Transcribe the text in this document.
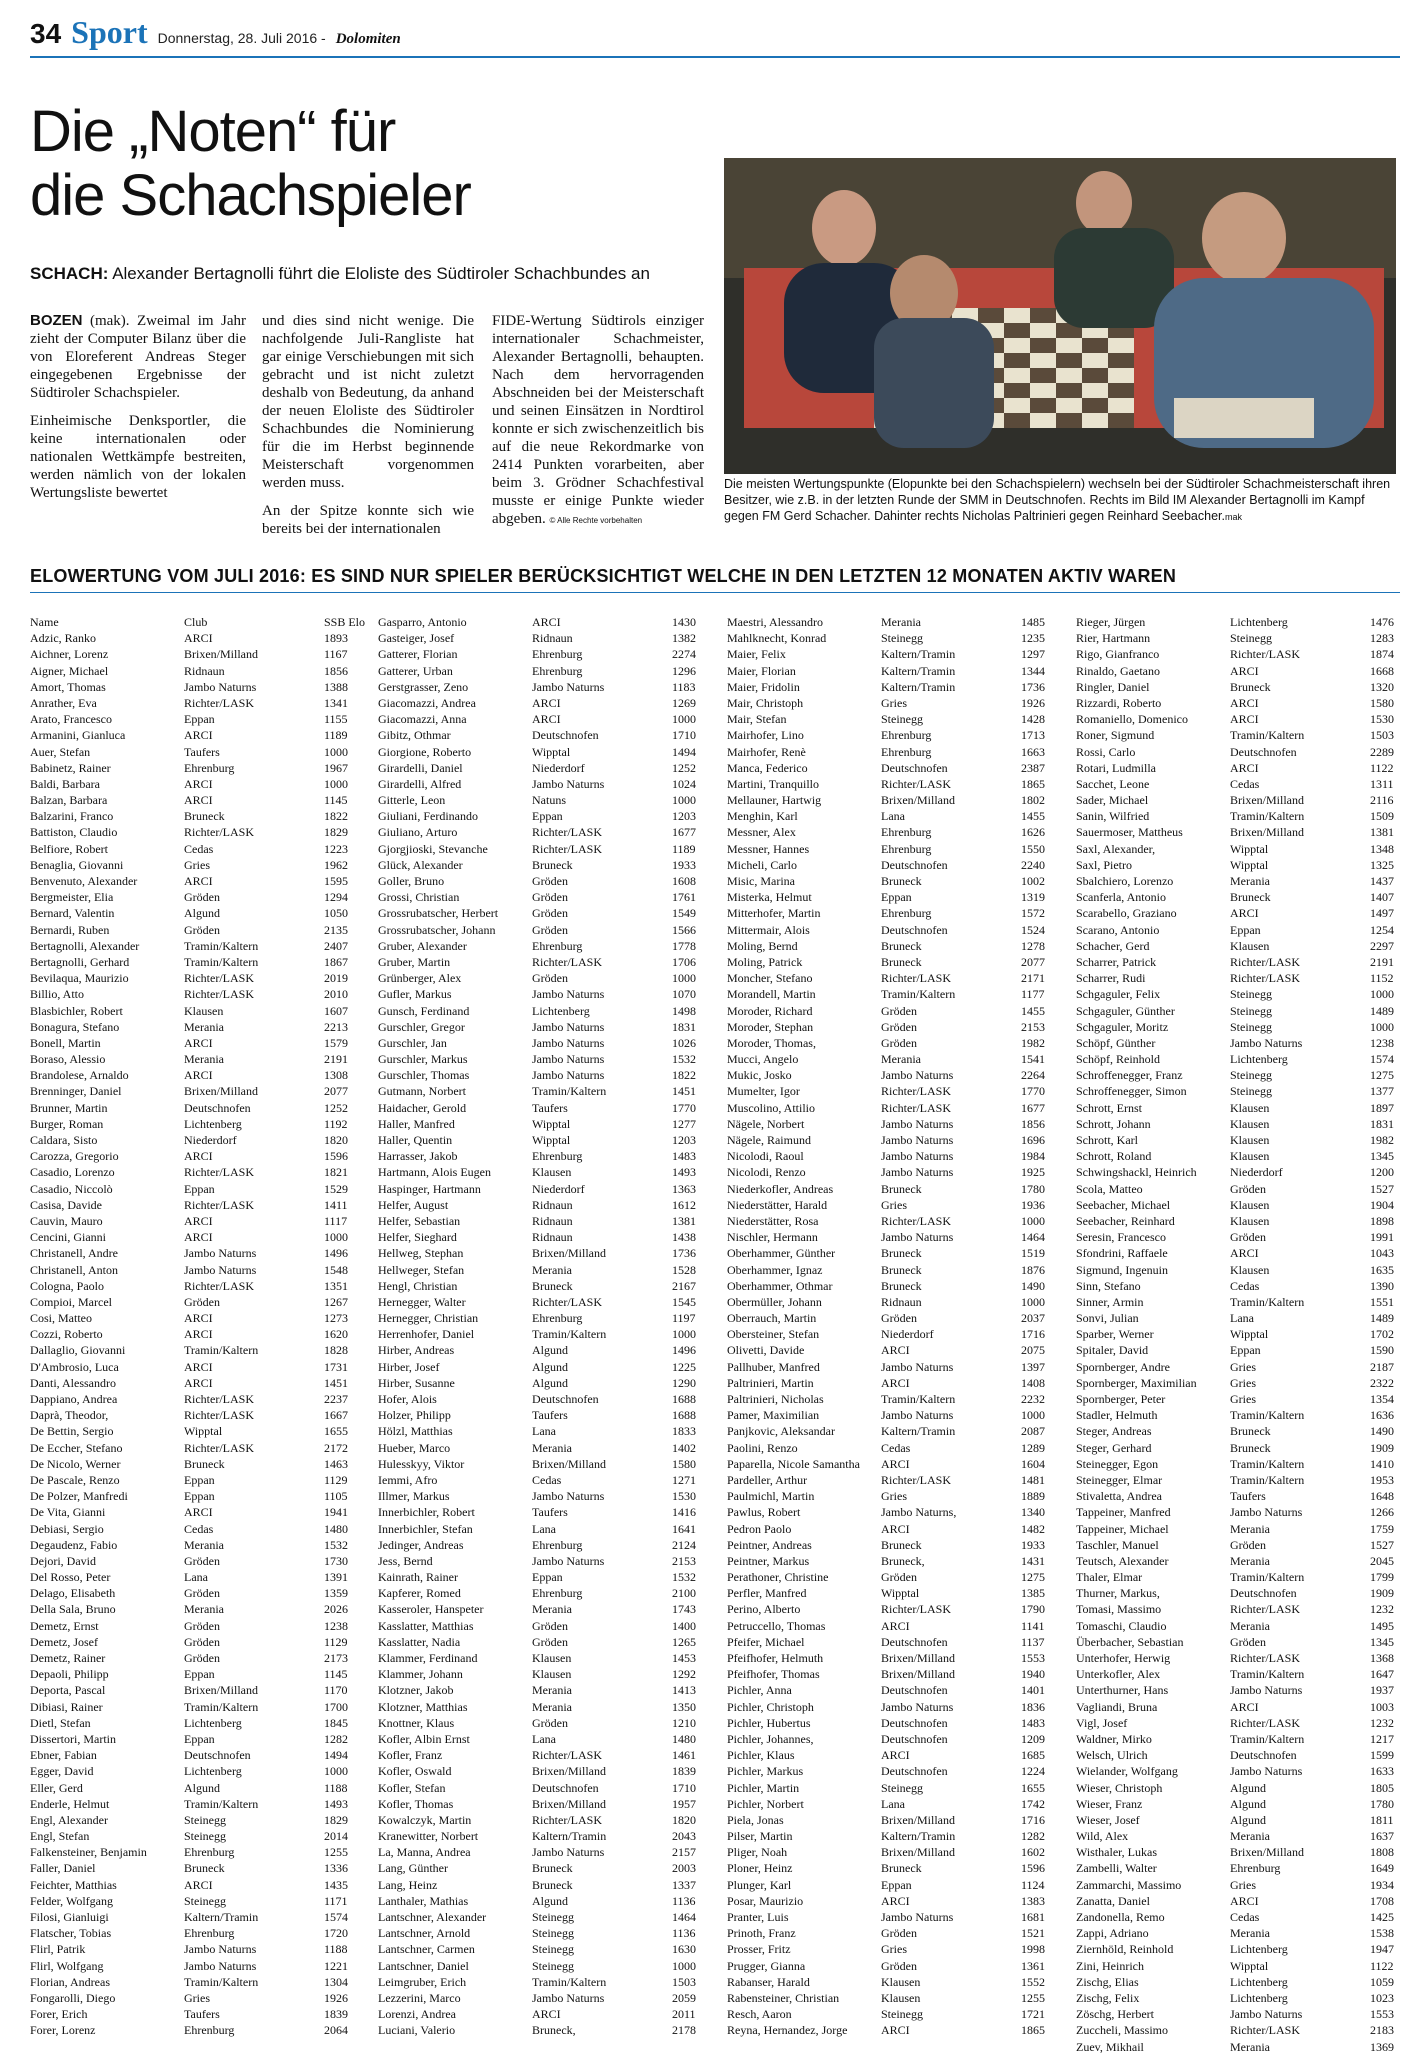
34 Sport Donnerstag, 28. Juli 2016 - Dolomiten
Die „Noten“ für
die Schachspieler

SCHACH: Alexander Bertagnolli führt die Eloliste des Südtiroler Schachbundes an

BOZEN (mak). Zweimal im Jahr zieht der Computer Bilanz über die von Eloreferent Andreas Steger eingegebenen Ergebnisse der Südtiroler Schachspieler.

Einheimische Denksportler, die keine internationalen oder nationalen Wettkämpfe bestreiten, werden nämlich von der lokalen Wertungsliste bewertet

und dies sind nicht wenige. Die nachfolgende Juli-Rangliste hat gar einige Verschiebungen mit sich gebracht und ist nicht zuletzt deshalb von Bedeutung, da anhand der neuen Eloliste des Südtiroler Schachbundes die Nominierung für die im Herbst beginnende Meisterschaft vorgenommen werden muss.

An der Spitze konnte sich wie bereits bei der internationalen

FIDE-Wertung Südtirols einziger internationaler Schachmeister, Alexander Bertagnolli, behaupten. Nach dem hervorragenden Abschneiden bei der Meisterschaft und seinen Einsätzen in Nordtirol konnte er sich zwischenzeitlich bis auf die neue Rekordmarke von 2414 Punkten vorarbeiten, aber beim 3. Grödner Schachfestival musste er einige Punkte wieder abgeben. © Alle Rechte vorbehalten

Die meisten Wertungspunkte (Elopunkte bei den Schachspielern) wechseln bei der Südtiroler Schachmeisterschaft ihren Besitzer, wie z.B. in der letzten Runde der SMM in Deutschnofen. Rechts im Bild IM Alexander Bertagnolli im Kampf gegen FM Gerd Schacher. Dahinter rechts Nicholas Paltrinieri gegen Reinhard Seebacher.mak
ELOWERTUNG VOM JULI 2016: ES SIND NUR SPIELER BERÜCKSICHTIGT WELCHE IN DEN LETZTEN 12 MONATEN AKTIV WAREN
Name	Club	SSB Elo
Adzic, Ranko	ARCI	1893
Aichner, Lorenz	Brixen/Milland	1167
Aigner, Michael	Ridnaun	1856
Amort, Thomas	Jambo Naturns	1388
Anrather, Eva	Richter/LASK	1341
Arato, Francesco	Eppan	1155
Armanini, Gianluca	ARCI	1189
Auer, Stefan	Taufers	1000
Babinetz, Rainer	Ehrenburg	1967
Baldi, Barbara	ARCI	1000
Balzan, Barbara	ARCI	1145
Balzarini, Franco	Bruneck	1822
Battiston, Claudio	Richter/LASK	1829
Belfiore, Robert	Cedas	1223
Benaglia, Giovanni	Gries	1962
Benvenuto, Alexander	ARCI	1595
Bergmeister, Elia	Gröden	1294
Bernard, Valentin	Algund	1050
Bernardi, Ruben	Gröden	2135
Bertagnolli, Alexander	Tramin/Kaltern	2407
Bertagnolli, Gerhard	Tramin/Kaltern	1867
Bevilaqua, Maurizio	Richter/LASK	2019
Billio, Atto	Richter/LASK	2010
Blasbichler, Robert	Klausen	1607
Bonagura, Stefano	Merania	2213
Bonell, Martin	ARCI	1579
Boraso, Alessio	Merania	2191
Brandolese, Arnaldo	ARCI	1308
Brenninger, Daniel	Brixen/Milland	2077
Brunner, Martin	Deutschnofen	1252
Burger, Roman	Lichtenberg	1192
Caldara, Sisto	Niederdorf	1820
Carozza, Gregorio	ARCI	1596
Casadio, Lorenzo	Richter/LASK	1821
Casadio, Niccolò	Eppan	1529
Casisa, Davide	Richter/LASK	1411
Cauvin, Mauro	ARCI	1117
Cencini, Gianni	ARCI	1000
Christanell, Andre	Jambo Naturns	1496
Christanell, Anton	Jambo Naturns	1548
Cologna, Paolo	Richter/LASK	1351
Compioi, Marcel	Gröden	1267
Cosi, Matteo	ARCI	1273
Cozzi, Roberto	ARCI	1620
Dallaglio, Giovanni	Tramin/Kaltern	1828
D'Ambrosio, Luca	ARCI	1731
Danti, Alessandro	ARCI	1451
Dappiano, Andrea	Richter/LASK	2237
Daprà, Theodor,	Richter/LASK	1667
De Bettin, Sergio	Wipptal	1655
De Eccher, Stefano	Richter/LASK	2172
De Nicolo, Werner	Bruneck	1463
De Pascale, Renzo	Eppan	1129
De Polzer, Manfredi	Eppan	1105
De Vita, Gianni	ARCI	1941
Debiasi, Sergio	Cedas	1480
Degaudenz, Fabio	Merania	1532
Dejori, David	Gröden	1730
Del Rosso, Peter	Lana	1391
Delago, Elisabeth	Gröden	1359
Della Sala, Bruno	Merania	2026
Demetz, Ernst	Gröden	1238
Demetz, Josef	Gröden	1129
Demetz, Rainer	Gröden	2173
Depaoli, Philipp	Eppan	1145
Deporta, Pascal	Brixen/Milland	1170
Dibiasi, Rainer	Tramin/Kaltern	1700
Dietl, Stefan	Lichtenberg	1845
Dissertori, Martin	Eppan	1282
Ebner, Fabian	Deutschnofen	1494
Egger, David	Lichtenberg	1000
Eller, Gerd	Algund	1188
Enderle, Helmut	Tramin/Kaltern	1493
Engl, Alexander	Steinegg	1829
Engl, Stefan	Steinegg	2014
Falkensteiner, Benjamin	Ehrenburg	1255
Faller, Daniel	Bruneck	1336
Feichter, Matthias	ARCI	1435
Felder, Wolfgang	Steinegg	1171
Filosi, Gianluigi	Kaltern/Tramin	1574
Flatscher, Tobias	Ehrenburg	1720
Flirl, Patrik	Jambo Naturns	1188
Flirl, Wolfgang	Jambo Naturns	1221
Florian, Andreas	Tramin/Kaltern	1304
Fongarolli, Diego	Gries	1926
Forer, Erich	Taufers	1839
Forer, Lorenz	Ehrenburg	2064
Gasparro, Antonio	ARCI	1430
Gasteiger, Josef	Ridnaun	1382
Gatterer, Florian	Ehrenburg	2274
Gatterer, Urban	Ehrenburg	1296
Gerstgrasser, Zeno	Jambo Naturns	1183
Giacomazzi, Andrea	ARCI	1269
Giacomazzi, Anna	ARCI	1000
Gibitz, Othmar	Deutschnofen	1710
Giorgione, Roberto	Wipptal	1494
Girardelli, Daniel	Niederdorf	1252
Girardelli, Alfred	Jambo Naturns	1024
Gitterle, Leon	Natuns	1000
Giuliani, Ferdinando	Eppan	1203
Giuliano, Arturo	Richter/LASK	1677
Gjorgjioski, Stevanche	Richter/LASK	1189
Glück, Alexander	Bruneck	1933
Goller, Bruno	Gröden	1608
Grossi, Christian	Gröden	1761
Grossrubatscher, Herbert	Gröden	1549
Grossrubatscher, Johann	Gröden	1566
Gruber, Alexander	Ehrenburg	1778
Gruber, Martin	Richter/LASK	1706
Grünberger, Alex	Gröden	1000
Gufler, Markus	Jambo Naturns	1070
Gunsch, Ferdinand	Lichtenberg	1498
Gurschler, Gregor	Jambo Naturns	1831
Gurschler, Jan	Jambo Naturns	1026
Gurschler, Markus	Jambo Naturns	1532
Gurschler, Thomas	Jambo Naturns	1822
Gutmann, Norbert	Tramin/Kaltern	1451
Haidacher, Gerold	Taufers	1770
Haller, Manfred	Wipptal	1277
Haller, Quentin	Wipptal	1203
Harrasser, Jakob	Ehrenburg	1483
Hartmann, Alois Eugen	Klausen	1493
Haspinger, Hartmann	Niederdorf	1363
Helfer, August	Ridnaun	1612
Helfer, Sebastian	Ridnaun	1381
Helfer, Sieghard	Ridnaun	1438
Hellweg, Stephan	Brixen/Milland	1736
Hellweger, Stefan	Merania	1528
Hengl, Christian	Bruneck	2167
Hernegger, Walter	Richter/LASK	1545
Hernegger, Christian	Ehrenburg	1197
Herrenhofer, Daniel	Tramin/Kaltern	1000
Hirber, Andreas	Algund	1496
Hirber, Josef	Algund	1225
Hirber, Susanne	Algund	1290
Hofer, Alois	Deutschnofen	1688
Holzer, Philipp	Taufers	1688
Hölzl, Matthias	Lana	1833
Hueber, Marco	Merania	1402
Hulesskyy, Viktor	Brixen/Milland	1580
Iemmi, Afro	Cedas	1271
Illmer, Markus	Jambo Naturns	1530
Innerbichler, Robert	Taufers	1416
Innerbichler, Stefan	Lana	1641
Jedinger, Andreas	Ehrenburg	2124
Jess, Bernd	Jambo Naturns	2153
Kainrath, Rainer	Eppan	1532
Kapferer, Romed	Ehrenburg	2100
Kasseroler, Hanspeter	Merania	1743
Kasslatter, Matthias	Gröden	1400
Kasslatter, Nadia	Gröden	1265
Klammer, Ferdinand	Klausen	1453
Klammer, Johann	Klausen	1292
Klotzner, Jakob	Merania	1413
Klotzner, Matthias	Merania	1350
Knottner, Klaus	Gröden	1210
Kofler, Albin Ernst	Lana	1480
Kofler, Franz	Richter/LASK	1461
Kofler, Oswald	Brixen/Milland	1839
Kofler, Stefan	Deutschnofen	1710
Kofler, Thomas	Brixen/Milland	1957
Kowalczyk, Martin	Richter/LASK	1820
Kranewitter, Norbert	Kaltern/Tramin	2043
La, Manna, Andrea	Jambo Naturns	2157
Lang, Günther	Bruneck	2003
Lang, Heinz	Bruneck	1337
Lanthaler, Mathias	Algund	1136
Lantschner, Alexander	Steinegg	1464
Lantschner, Arnold	Steinegg	1136
Lantschner, Carmen	Steinegg	1630
Lantschner, Daniel	Steinegg	1000
Leimgruber, Erich	Tramin/Kaltern	1503
Lezzerini, Marco	Jambo Naturns	2059
Lorenzi, Andrea	ARCI	2011
Luciani, Valerio	Bruneck,	2178
Maestri, Alessandro	Merania	1485
Mahlknecht, Konrad	Steinegg	1235
Maier, Felix	Kaltern/Tramin	1297
Maier, Florian	Kaltern/Tramin	1344
Maier, Fridolin	Kaltern/Tramin	1736
Mair, Christoph	Gries	1926
Mair, Stefan	Steinegg	1428
Mairhofer, Lino	Ehrenburg	1713
Mairhofer, Renè	Ehrenburg	1663
Manca, Federico	Deutschnofen	2387
Martini, Tranquillo	Richter/LASK	1865
Mellauner, Hartwig	Brixen/Milland	1802
Menghin, Karl	Lana	1455
Messner, Alex	Ehrenburg	1626
Messner, Hannes	Ehrenburg	1550
Micheli, Carlo	Deutschnofen	2240
Misic, Marina	Bruneck	1002
Misterka, Helmut	Eppan	1319
Mitterhofer, Martin	Ehrenburg	1572
Mittermair, Alois	Deutschnofen	1524
Moling, Bernd	Bruneck	1278
Moling, Patrick	Bruneck	2077
Moncher, Stefano	Richter/LASK	2171
Morandell, Martin	Tramin/Kaltern	1177
Moroder, Richard	Gröden	1455
Moroder, Stephan	Gröden	2153
Moroder, Thomas,	Gröden	1982
Mucci, Angelo	Merania	1541
Mukic, Josko	Jambo Naturns	2264
Mumelter, Igor	Richter/LASK	1770
Muscolino, Attilio	Richter/LASK	1677
Nägele, Norbert	Jambo Naturns	1856
Nägele, Raimund	Jambo Naturns	1696
Nicolodi, Raoul	Jambo Naturns	1984
Nicolodi, Renzo	Jambo Naturns	1925
Niederkofler, Andreas	Bruneck	1780
Niederstätter, Harald	Gries	1936
Niederstätter, Rosa	Richter/LASK	1000
Nischler, Hermann	Jambo Naturns	1464
Oberhammer, Günther	Bruneck	1519
Oberhammer, Ignaz	Bruneck	1876
Oberhammer, Othmar	Bruneck	1490
Obermüller, Johann	Ridnaun	1000
Oberrauch, Martin	Gröden	2037
Obersteiner, Stefan	Niederdorf	1716
Olivetti, Davide	ARCI	2075
Pallhuber, Manfred	Jambo Naturns	1397
Paltrinieri, Martin	ARCI	1408
Paltrinieri, Nicholas	Tramin/Kaltern	2232
Pamer, Maximilian	Jambo Naturns	1000
Panjkovic, Aleksandar	Kaltern/Tramin	2087
Paolini, Renzo	Cedas	1289
Paparella, Nicole Samantha	ARCI	1604
Pardeller, Arthur	Richter/LASK	1481
Paulmichl, Martin	Gries	1889
Pawlus, Robert	Jambo Naturns,	1340
Pedron Paolo	ARCI	1482
Peintner, Andreas	Bruneck	1933
Peintner, Markus	Bruneck,	1431
Perathoner, Christine	Gröden	1275
Perfler, Manfred	Wipptal	1385
Perino, Alberto	Richter/LASK	1790
Petruccello, Thomas	ARCI	1141
Pfeifer, Michael	Deutschnofen	1137
Pfeifhofer, Helmuth	Brixen/Milland	1553
Pfeifhofer, Thomas	Brixen/Milland	1940
Pichler, Anna	Deutschnofen	1401
Pichler, Christoph	Jambo Naturns	1836
Pichler, Hubertus	Deutschnofen	1483
Pichler, Johannes,	Deutschnofen	1209
Pichler, Klaus	ARCI	1685
Pichler, Markus	Deutschnofen	1224
Pichler, Martin	Steinegg	1655
Pichler, Norbert	Lana	1742
Piela, Jonas	Brixen/Milland	1716
Pilser, Martin	Kaltern/Tramin	1282
Pliger, Noah	Brixen/Milland	1602
Ploner, Heinz	Bruneck	1596
Plunger, Karl	Eppan	1124
Posar, Maurizio	ARCI	1383
Pranter, Luis	Jambo Naturns	1681
Prinoth, Franz	Gröden	1521
Prosser, Fritz	Gries	1998
Prugger, Gianna	Gröden	1361
Rabanser, Harald	Klausen	1552
Rabensteiner, Christian	Klausen	1255
Resch, Aaron	Steinegg	1721
Reyna, Hernandez, Jorge	ARCI	1865
Rieger, Jürgen	Lichtenberg	1476
Rier, Hartmann	Steinegg	1283
Rigo, Gianfranco	Richter/LASK	1874
Rinaldo, Gaetano	ARCI	1668
Ringler, Daniel	Bruneck	1320
Rizzardi, Roberto	ARCI	1580
Romaniello, Domenico	ARCI	1530
Roner, Sigmund	Tramin/Kaltern	1503
Rossi, Carlo	Deutschnofen	2289
Rotari, Ludmilla	ARCI	1122
Sacchet, Leone	Cedas	1311
Sader, Michael	Brixen/Milland	2116
Sanin, Wilfried	Tramin/Kaltern	1509
Sauermoser, Mattheus	Brixen/Milland	1381
Saxl, Alexander,	Wipptal	1348
Saxl, Pietro	Wipptal	1325
Sbalchiero, Lorenzo	Merania	1437
Scanferla, Antonio	Bruneck	1407
Scarabello, Graziano	ARCI	1497
Scarano, Antonio	Eppan	1254
Schacher, Gerd	Klausen	2297
Scharrer, Patrick	Richter/LASK	2191
Scharrer, Rudi	Richter/LASK	1152
Schgaguler, Felix	Steinegg	1000
Schgaguler, Günther	Steinegg	1489
Schgaguler, Moritz	Steinegg	1000
Schöpf, Günther	Jambo Naturns	1238
Schöpf, Reinhold	Lichtenberg	1574
Schroffenegger, Franz	Steinegg	1275
Schroffenegger, Simon	Steinegg	1377
Schrott, Ernst	Klausen	1897
Schrott, Johann	Klausen	1831
Schrott, Karl	Klausen	1982
Schrott, Roland	Klausen	1345
Schwingshackl, Heinrich	Niederdorf	1200
Scola, Matteo	Gröden	1527
Seebacher, Michael	Klausen	1904
Seebacher, Reinhard	Klausen	1898
Seresin, Francesco	Gröden	1991
Sfondrini, Raffaele	ARCI	1043
Sigmund, Ingenuin	Klausen	1635
Sinn, Stefano	Cedas	1390
Sinner, Armin	Tramin/Kaltern	1551
Sonvi, Julian	Lana	1489
Sparber, Werner	Wipptal	1702
Spitaler, David	Eppan	1590
Spornberger, Andre	Gries	2187
Spornberger, Maximilian	Gries	2322
Spornberger, Peter	Gries	1354
Stadler, Helmuth	Tramin/Kaltern	1636
Steger, Andreas	Bruneck	1490
Steger, Gerhard	Bruneck	1909
Steinegger, Egon	Tramin/Kaltern	1410
Steinegger, Elmar	Tramin/Kaltern	1953
Stivaletta, Andrea	Taufers	1648
Tappeiner, Manfred	Jambo Naturns	1266
Tappeiner, Michael	Merania	1759
Taschler, Manuel	Gröden	1527
Teutsch, Alexander	Merania	2045
Thaler, Elmar	Tramin/Kaltern	1799
Thurner, Markus,	Deutschnofen	1909
Tomasi, Massimo	Richter/LASK	1232
Tomaschi, Claudio	Merania	1495
Überbacher, Sebastian	Gröden	1345
Unterhofer, Herwig	Richter/LASK	1368
Unterkofler, Alex	Tramin/Kaltern	1647
Unterthurner, Hans	Jambo Naturns	1937
Vagliandi, Bruna	ARCI	1003
Vigl, Josef	Richter/LASK	1232
Waldner, Mirko	Tramin/Kaltern	1217
Welsch, Ulrich	Deutschnofen	1599
Wielander, Wolfgang	Jambo Naturns	1633
Wieser, Christoph	Algund	1805
Wieser, Franz	Algund	1780
Wieser, Josef	Algund	1811
Wild, Alex	Merania	1637
Wisthaler, Lukas	Brixen/Milland	1808
Zambelli, Walter	Ehrenburg	1649
Zammarchi, Massimo	Gries	1934
Zanatta, Daniel	ARCI	1708
Zandonella, Remo	Cedas	1425
Zappi, Adriano	Merania	1538
Ziernhöld, Reinhold	Lichtenberg	1947
Zini, Heinrich	Wipptal	1122
Zischg, Elias	Lichtenberg	1059
Zischg, Felix	Lichtenberg	1023
Zöschg, Herbert	Jambo Naturns	1553
Zuccheli, Massimo	Richter/LASK	2183
Zuev, Mikhail	Merania	1369
